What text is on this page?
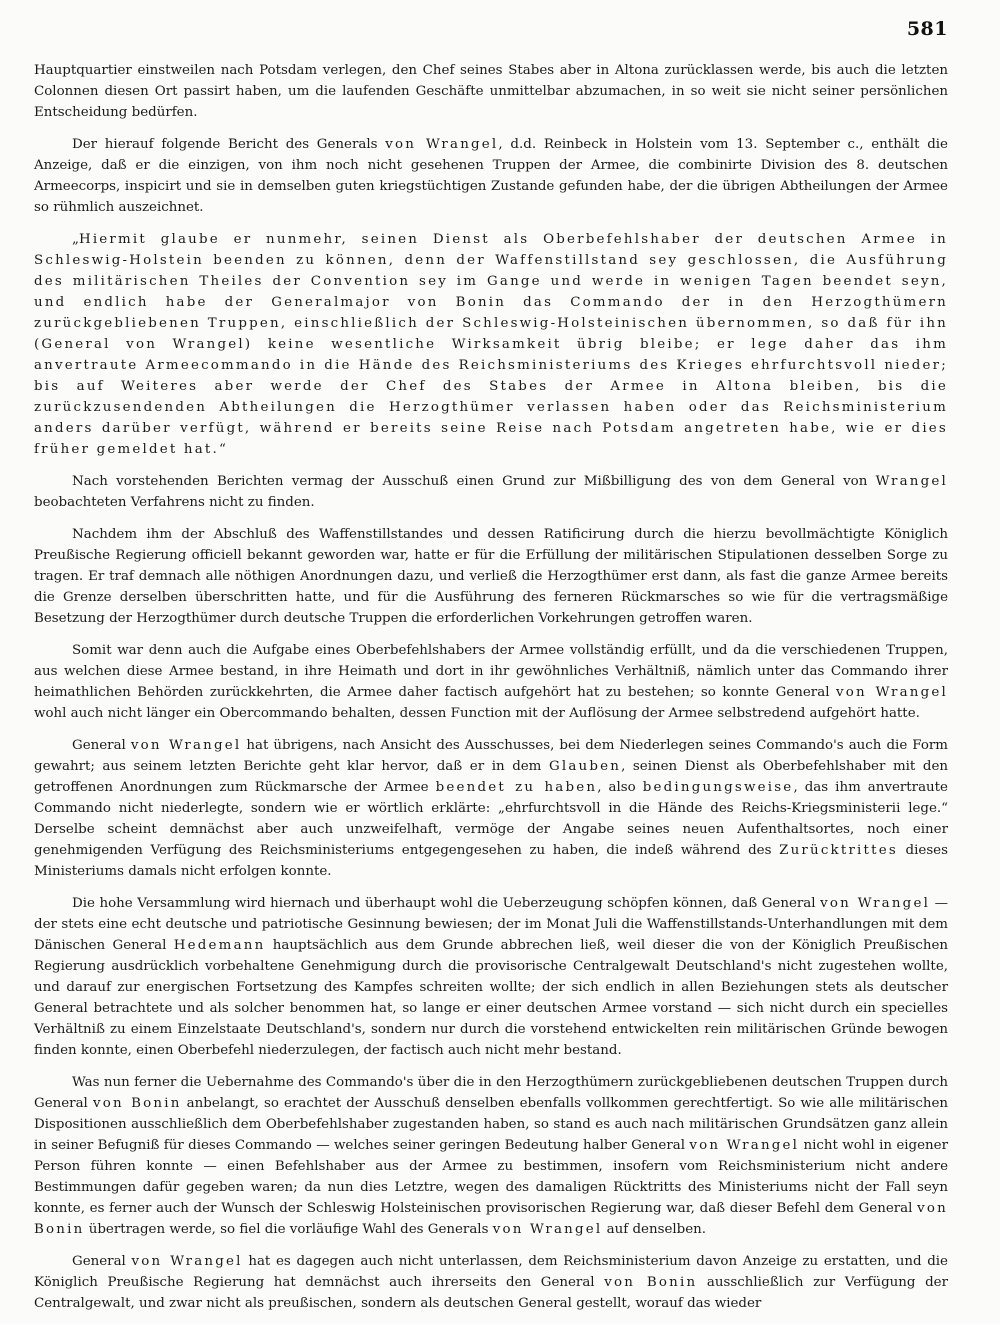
581

Hauptquartier einstweilen nach Potsdam verlegen, den Chef seines Stabes aber in Altona zurücklassen werde, bis auch die letzten Colonnen diesen Ort passirt haben, um die laufenden Geschäfte unmittelbar abzumachen, in so weit sie nicht seiner persönlichen Entscheidung bedürfen.

Der hierauf folgende Bericht des Generals von Wrangel, d.d. Reinbeck in Holstein vom 13. September c., enthält die Anzeige, daß er die einzigen, von ihm noch nicht gesehenen Truppen der Armee, die combinirte Division des 8. deutschen Armeecorps, inspicirt und sie in demselben guten kriegstüchtigen Zustande gefunden habe, der die übrigen Abtheilungen der Armee so rühmlich auszeichnet.

„Hiermit glaube er nunmehr, seinen Dienst als Oberbefehlshaber der deutschen Armee in Schleswig-Holstein beenden zu können, denn der Waffenstillstand sey geschlossen, die Ausführung des militärischen Theiles der Convention sey im Gange und werde in wenigen Tagen beendet seyn, und endlich habe der Generalmajor von Bonin das Commando der in den Herzogthümern zurückgebliebenen Truppen, einschließlich der Schleswig-Holsteinischen übernommen, so daß für ihn (General von Wrangel) keine wesentliche Wirksamkeit übrig bleibe; er lege daher das ihm anvertraute Armeecommando in die Hände des Reichsministeriums des Krieges ehrfurchtsvoll nieder; bis auf Weiteres aber werde der Chef des Stabes der Armee in Altona bleiben, bis die zurückzusendenden Abtheilungen die Herzogthümer verlassen haben oder das Reichsministerium anders darüber verfügt, während er bereits seine Reise nach Potsdam angetreten habe, wie er dies früher gemeldet hat.“

Nach vorstehenden Berichten vermag der Ausschuß einen Grund zur Mißbilligung des von dem General von Wrangel beobachteten Verfahrens nicht zu finden.

Nachdem ihm der Abschluß des Waffenstillstandes und dessen Ratificirung durch die hierzu bevollmächtigte Königlich Preußische Regierung officiell bekannt geworden war, hatte er für die Erfüllung der militärischen Stipulationen desselben Sorge zu tragen. Er traf demnach alle nöthigen Anordnungen dazu, und verließ die Herzogthümer erst dann, als fast die ganze Armee bereits die Grenze derselben überschritten hatte, und für die Ausführung des ferneren Rückmarsches so wie für die vertragsmäßige Besetzung der Herzogthümer durch deutsche Truppen die erforderlichen Vorkehrungen getroffen waren.

Somit war denn auch die Aufgabe eines Oberbefehlshabers der Armee vollständig erfüllt, und da die verschiedenen Truppen, aus welchen diese Armee bestand, in ihre Heimath und dort in ihr gewöhnliches Verhältniß, nämlich unter das Commando ihrer heimathlichen Behörden zurückkehrten, die Armee daher factisch aufgehört hat zu bestehen; so konnte General von Wrangel wohl auch nicht länger ein Obercommando behalten, dessen Function mit der Auflösung der Armee selbstredend aufgehört hatte.

General von Wrangel hat übrigens, nach Ansicht des Ausschusses, bei dem Niederlegen seines Commando's auch die Form gewahrt; aus seinem letzten Berichte geht klar hervor, daß er in dem Glauben, seinen Dienst als Oberbefehlshaber mit den getroffenen Anordnungen zum Rückmarsche der Armee beendet zu haben, also bedingungsweise, das ihm anvertraute Commando nicht niederlegte, sondern wie er wörtlich erklärte: „ehrfurchtsvoll in die Hände des Reichs-Kriegsministerii lege.“ Derselbe scheint demnächst aber auch unzweifelhaft, vermöge der Angabe seines neuen Aufenthaltsortes, noch einer genehmigenden Verfügung des Reichsministeriums entgegengesehen zu haben, die indeß während des Zurücktrittes dieses Ministeriums damals nicht erfolgen konnte.

Die hohe Versammlung wird hiernach und überhaupt wohl die Ueberzeugung schöpfen können, daß General von Wrangel — der stets eine echt deutsche und patriotische Gesinnung bewiesen; der im Monat Juli die Waffenstillstands-Unterhandlungen mit dem Dänischen General Hedemann hauptsächlich aus dem Grunde abbrechen ließ, weil dieser die von der Königlich Preußischen Regierung ausdrücklich vorbehaltene Genehmigung durch die provisorische Centralgewalt Deutschland's nicht zugestehen wollte, und darauf zur energischen Fortsetzung des Kampfes schreiten wollte; der sich endlich in allen Beziehungen stets als deutscher General betrachtete und als solcher benommen hat, so lange er einer deutschen Armee vorstand — sich nicht durch ein specielles Verhältniß zu einem Einzelstaate Deutschland's, sondern nur durch die vorstehend entwickelten rein militärischen Gründe bewogen finden konnte, einen Oberbefehl niederzulegen, der factisch auch nicht mehr bestand.

Was nun ferner die Uebernahme des Commando's über die in den Herzogthümern zurückgebliebenen deutschen Truppen durch General von Bonin anbelangt, so erachtet der Ausschuß denselben ebenfalls vollkommen gerechtfertigt. So wie alle militärischen Dispositionen ausschließlich dem Oberbefehlshaber zugestanden haben, so stand es auch nach militärischen Grundsätzen ganz allein in seiner Befugniß für dieses Commando — welches seiner geringen Bedeutung halber General von Wrangel nicht wohl in eigener Person führen konnte — einen Befehlshaber aus der Armee zu bestimmen, insofern vom Reichsministerium nicht andere Bestimmungen dafür gegeben waren; da nun dies Letztre, wegen des damaligen Rücktritts des Ministeriums nicht der Fall seyn konnte, es ferner auch der Wunsch der Schleswig Holsteinischen provisorischen Regierung war, daß dieser Befehl dem General von Bonin übertragen werde, so fiel die vorläufige Wahl des Generals von Wrangel auf denselben.

General von Wrangel hat es dagegen auch nicht unterlassen, dem Reichsministerium davon Anzeige zu erstatten, und die Königlich Preußische Regierung hat demnächst auch ihrerseits den General von Bonin ausschließlich zur Verfügung der Centralgewalt, und zwar nicht als preußischen, sondern als deutschen General gestellt, worauf das wieder
